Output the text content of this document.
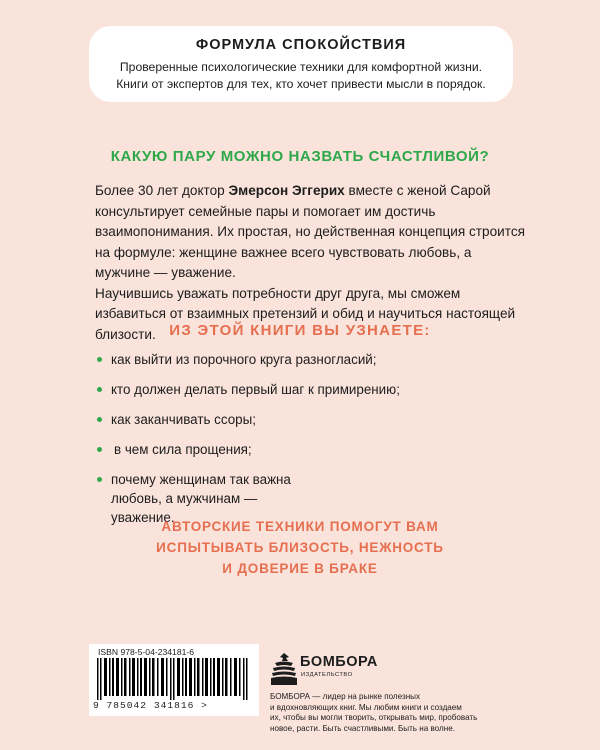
ФОРМУЛА СПОКОЙСТВИЯ
Проверенные психологические техники для комфортной жизни.
Книги от экспертов для тех, кто хочет привести мысли в порядок.
КАКУЮ ПАРУ МОЖНО НАЗВАТЬ СЧАСТЛИВОЙ?

Более 30 лет доктор Эмерсон Эггерих вместе с женой Сарой консультирует семейные пары и помогает им достичь взаимопонимания. Их простая, но действенная концепция строится на формуле: женщине важнее всего чувствовать любовь, а мужчине — уважение.

Научившись уважать потребности друг друга, мы сможем избавиться от взаимных претензий и обид и научиться настоящей близости. ИЗ ЭТОЙ КНИГИ ВЫ УЗНАЕТЕ:
как выйти из порочного круга разногласий;
кто должен делать первый шаг к примирению;
как заканчивать ссоры;
в чем сила прощения;
почему женщинам так важна любовь, а мужчинам — уважение.
АВТОРСКИЕ ТЕХНИКИ ПОМОГУТ ВАМ
ИСПЫТЫВАТЬ БЛИЗОСТЬ, НЕЖНОСТЬ
И ДОВЕРИЕ В БРАКЕ
ISBN 978-5-04-234181-6
9 785042 341816 >
БОМБОРА
ИЗДАТЕЛЬСТВО
БОМБОРА — лидер на рынке полезных
и вдохновляющих книг. Мы любим книги и создаем
их, чтобы вы могли творить, открывать мир, пробовать
новое, расти. Быть счастливыми. Быть на волне.
